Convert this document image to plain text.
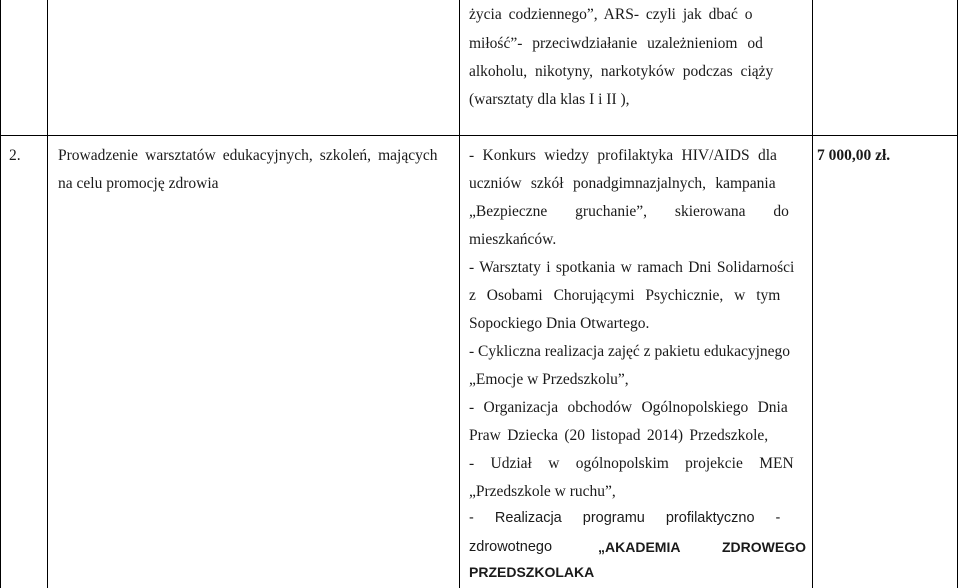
życia codziennego”, ARS- czyli jak dbać o
miłość”- przeciwdziałanie uzależnieniom od
alkoholu, nikotyny, narkotyków podczas ciąży
(warsztaty dla klas I i II ),
2. Prowadzenie warsztatów edukacyjnych, szkoleń, mających
na celu promocję zdrowia
7 000,00 zł.
- Konkurs wiedzy profilaktyka HIV/AIDS dla
uczniów szkół ponadgimnazjalnych, kampania
„Bezpieczne gruchanie”, skierowana do
mieszkańców.
- Warsztaty i spotkania w ramach Dni Solidarności
z Osobami Chorującymi Psychicznie, w tym
Sopockiego Dnia Otwartego.
- Cykliczna realizacja zajęć z pakietu edukacyjnego
„Emocje w Przedszkolu”,
- Organizacja obchodów Ogólnopolskiego Dnia
Praw Dziecka (20 listopad 2014) Przedszkole,
- Udział w ogólnopolskim projekcie MEN
„Przedszkole w ruchu”,
- Realizacja programu profilaktyczno -
zdrowotnego	„AKADEMIA	ZDROWEGO
PRZEDSZKOLAKA
